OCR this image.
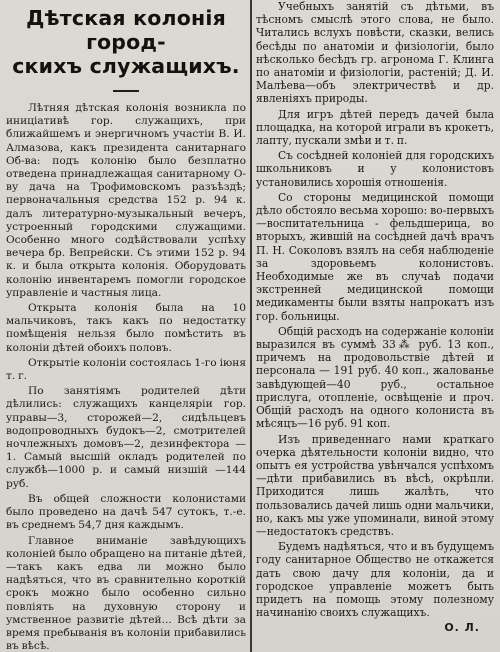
Дѣтская колонія город-
скихъ служащихъ.

Лѣтняя дѣтская колонія возникла по иниціативѣ гор. служащихъ, при ближайшемъ и энергичномъ участіи В. И. Алмазова, какъ президента санитарнаго Об-ва: подъ колонію было безплатно отведена принадлежащая санитарному О-ву дача на Трофимовскомъ разъѣздѣ; первоначальныя средства 152 р. 94 к. далъ литературно-музыкальный вечеръ, устроенный городскими служащими. Особенно много содѣйствовали успѣху вечера бр. Вепрейски. Съ этими 152 р. 94 к. и была открыта колонія. Оборудовать колонію инвентаремъ помогли городское управленіе и частныя лица.

Открыта колонія была на 10 мальчиковъ, такъ какъ по недостатку помѣщенія нельзя было помѣстить въ колоніи дѣтей обоихъ половъ.

Открытіе колоніи состоялась 1-го іюня т. г.

По занятіямъ родителей дѣти дѣлились: служащихъ канцеляріи гор. управы—3, сторожей—2, сидѣльцевъ водопроводныхъ будокъ—2, смотрителей ночлежныхъ домовъ—2, дезинфектора —1. Самый высшій окладъ родителей по службѣ—1000 р. и самый низшій —144 руб.

Въ общей сложности колонистами было проведено на дачѣ 547 сутокъ, т.-е. въ среднемъ 54,7 дня каждымъ.

Главное вниманіе завѣдующихъ колоніей было обращено на питаніе дѣтей,—такъ какъ едва ли можно было надѣяться, что въ сравнительно короткій срокъ можно было особенно сильно повліять на духовную сторону и умственное развитіе дѣтей... Всѣ дѣти за время пребыванія въ колоніи прибавились въ вѣсѣ.

Учебныхъ занятій съ дѣтьми, въ тѣсномъ смыслѣ этого слова, не было. Читались вслухъ повѣсти, сказки, велись бесѣды по анатоміи и физіологіи, было нѣсколько бесѣдъ гр. агронома Г. Клинга по анатоміи и физіологіи, растеній; Д. И. Малѣева—объ электричествѣ и др. явленіяхъ природы.

Для игръ дѣтей передъ дачей была площадка, на которой играли въ крокетъ, лапту, пускали змѣи и т. п.

Съ сосѣдней колоніей для городскихъ школьниковъ и у колонистовъ установились хорошія отношенія.

Со стороны медицинской помощи дѣло обстояло весьма хорошо: во-первыхъ—воспитательница - фельдшерица, во вторыхъ, жившій на сосѣдней дачѣ врачъ П. Н. Соколовъ взялъ на себя наблюденіе за здоровьемъ колонистовъ. Необходимые же въ случаѣ подачи экстренней медицинской помощи медикаменты были взяты напрокатъ изъ гор. больницы.

Общій расходъ на содержаніе колоніи выразился въ суммѣ 33⁂ руб. 13 коп., причемъ на продовольствіе дѣтей и персонала — 191 руб. 40 коп., жалованье завѣдующей—40 руб., остальное прислуга, отопленіе, освѣщеніе и проч. Общій расходъ на одного колониста въ мѣсяцъ—16 руб. 91 коп.

Изъ приведеннаго нами краткаго очерка дѣятельности колоніи видно, что опытъ ея устройства увѣнчался успѣхомъ—дѣти прибавились въ вѣсѣ, окрѣпли. Приходится лишь жалѣть, что пользовались дачей лишь одни мальчики, но, какъ мы уже упоминали, виной этому—недостатокъ средствъ.

Будемъ надѣяться, что и въ будущемъ году санитарное Общество не откажется дать свою дачу для колоніи, да и городское управленіе можетъ быть придетъ на помощь этому полезному начинанію своихъ служащихъ.

О. Л.
